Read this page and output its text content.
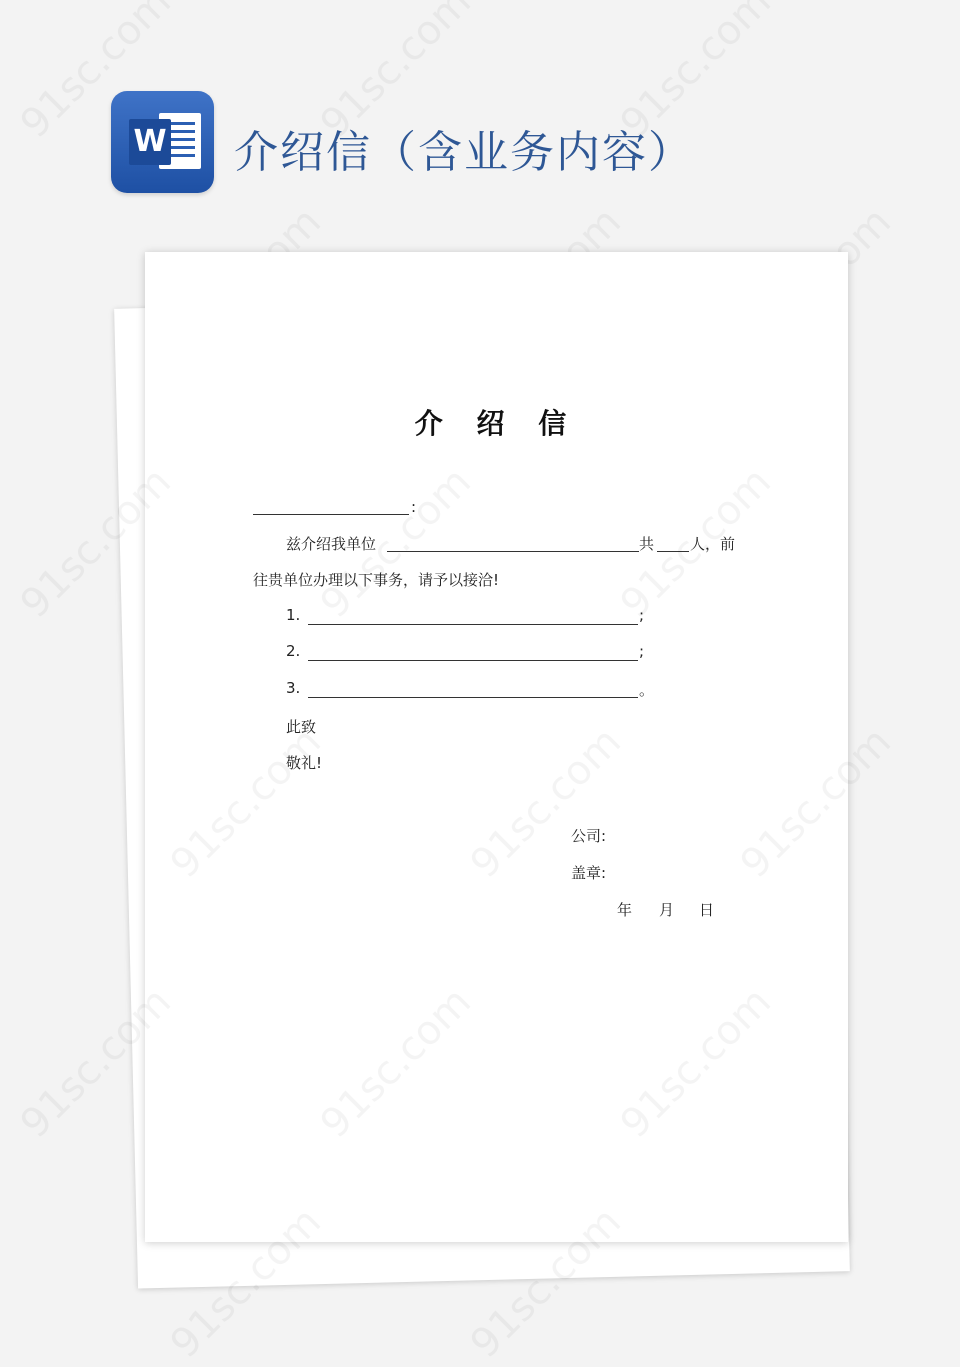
W 介绍信（含业务内容）
介 绍 信
:
兹介绍我单位	共 人，前
往贵单位办理以下事务，请予以接洽!
1.	;
2.	;
3.	。
此致
敬礼!
公司:
盖章:
年 月 日
